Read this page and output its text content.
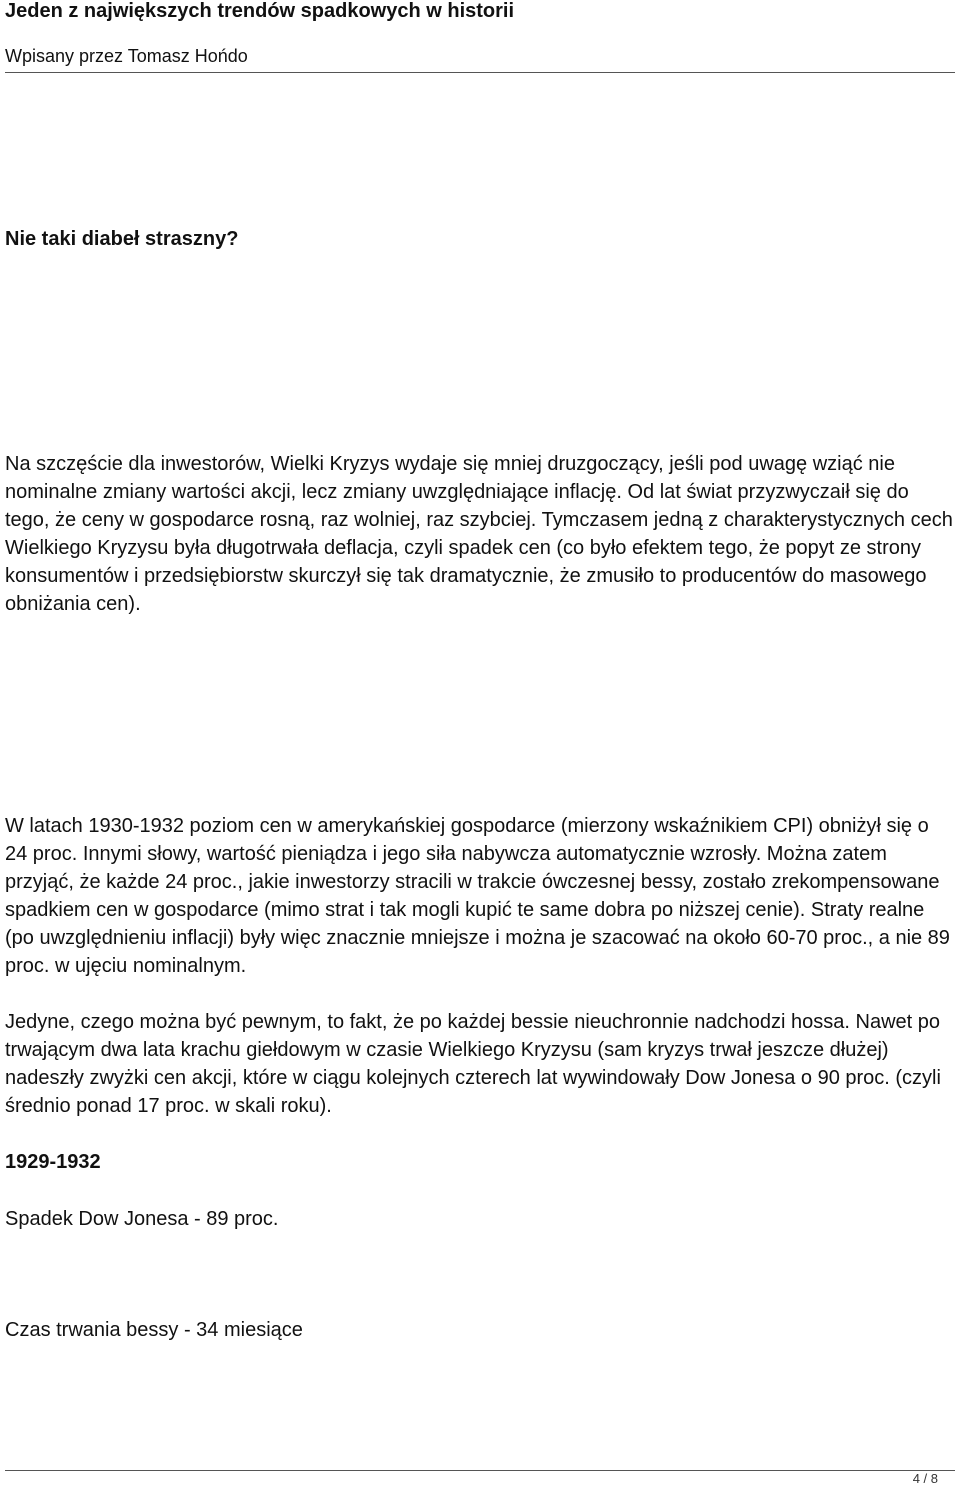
Jeden z największych trendów spadkowych w historii
Wpisany przez Tomasz Hońdo

Nie taki diabeł straszny?

Na szczęście dla inwestorów, Wielki Kryzys wydaje się mniej druzgoczący, jeśli pod uwagę wziąć nie nominalne zmiany wartości akcji, lecz zmiany uwzględniające inflację. Od lat świat przyzwyczaił się do tego, że ceny w gospodarce rosną, raz wolniej, raz szybciej. Tymczasem jedną z charakterystycznych cech Wielkiego Kryzysu była długotrwała deflacja, czyli spadek cen (co było efektem tego, że popyt ze strony konsumentów i przedsiębiorstw skurczył się tak dramatycznie, że zmusiło to producentów do masowego obniżania cen).

W latach 1930-1932 poziom cen w amerykańskiej gospodarce (mierzony wskaźnikiem CPI) obniżył się o 24 proc. Innymi słowy, wartość pieniądza i jego siła nabywcza automatycznie wzrosły. Można zatem przyjąć, że każde 24 proc., jakie inwestorzy stracili w trakcie ówczesnej bessy, zostało zrekompensowane spadkiem cen w gospodarce (mimo strat i tak mogli kupić te same dobra po niższej cenie). Straty realne (po uwzględnieniu inflacji) były więc znacznie mniejsze i można je szacować na około 60-70 proc., a nie 89 proc. w ujęciu nominalnym.

Jedyne, czego można być pewnym, to fakt, że po każdej bessie nieuchronnie nadchodzi hossa. Nawet po trwającym dwa lata krachu giełdowym w czasie Wielkiego Kryzysu (sam kryzys trwał jeszcze dłużej) nadeszły zwyżki cen akcji, które w ciągu kolejnych czterech lat wywindowały Dow Jonesa o 90 proc. (czyli średnio ponad 17 proc. w skali roku).

1929-1932

Spadek Dow Jonesa - 89 proc.

Czas trwania bessy - 34 miesiące

4 / 8
